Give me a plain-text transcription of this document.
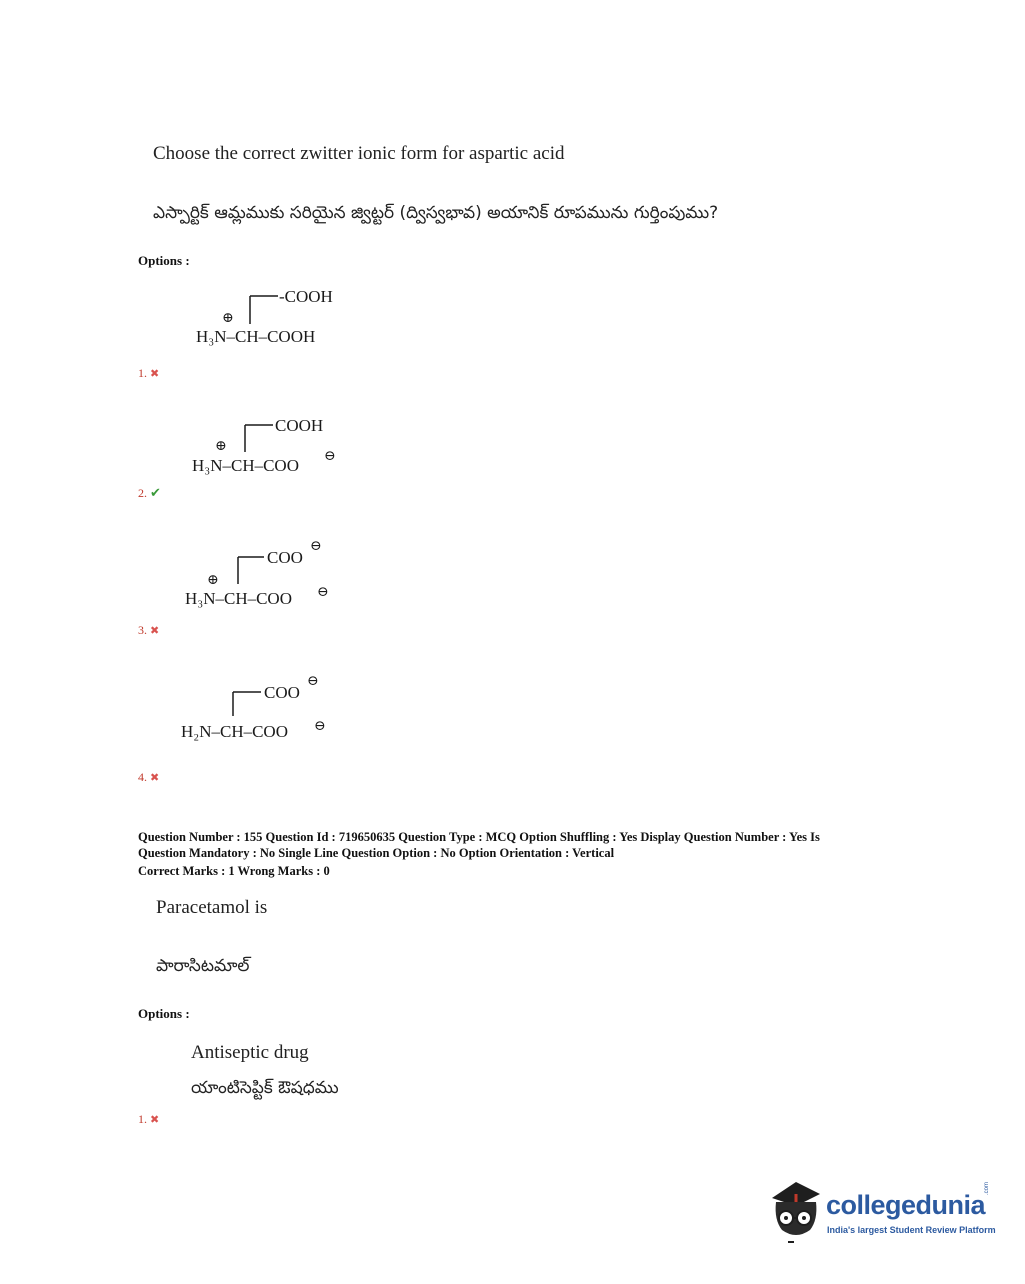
Choose the correct zwitter ionic form for aspartic acid
ఎస్పార్టిక్ ఆమ్లముకు సరియైన జ్విట్టర్ (ద్విస్వభావ) అయానిక్ రూపమును గుర్తింపుము?
Options :
-COOH
⊕
H₃N–CH–COOH
1. ✖
COOH
⊕
H₃N–CH–COO ⊖
2. ✔
COO
⊖
⊕
H₃N–CH–COO ⊖
3. ✖
COO
⊖
H₂N–CH–COO ⊖
4. ✖
Question Number : 155 Question Id : 719650635 Question Type : MCQ Option Shuffling : Yes Display Question Number : Yes Is
Question Mandatory : No Single Line Question Option : No Option Orientation : Vertical
Correct Marks : 1 Wrong Marks : 0
Paracetamol is
పారాసిటమాల్
Options :
Antiseptic drug
యాంటిసెప్టిక్ ఔషధము
1. ✖
collegedunia
.com
India's largest Student Review Platform
